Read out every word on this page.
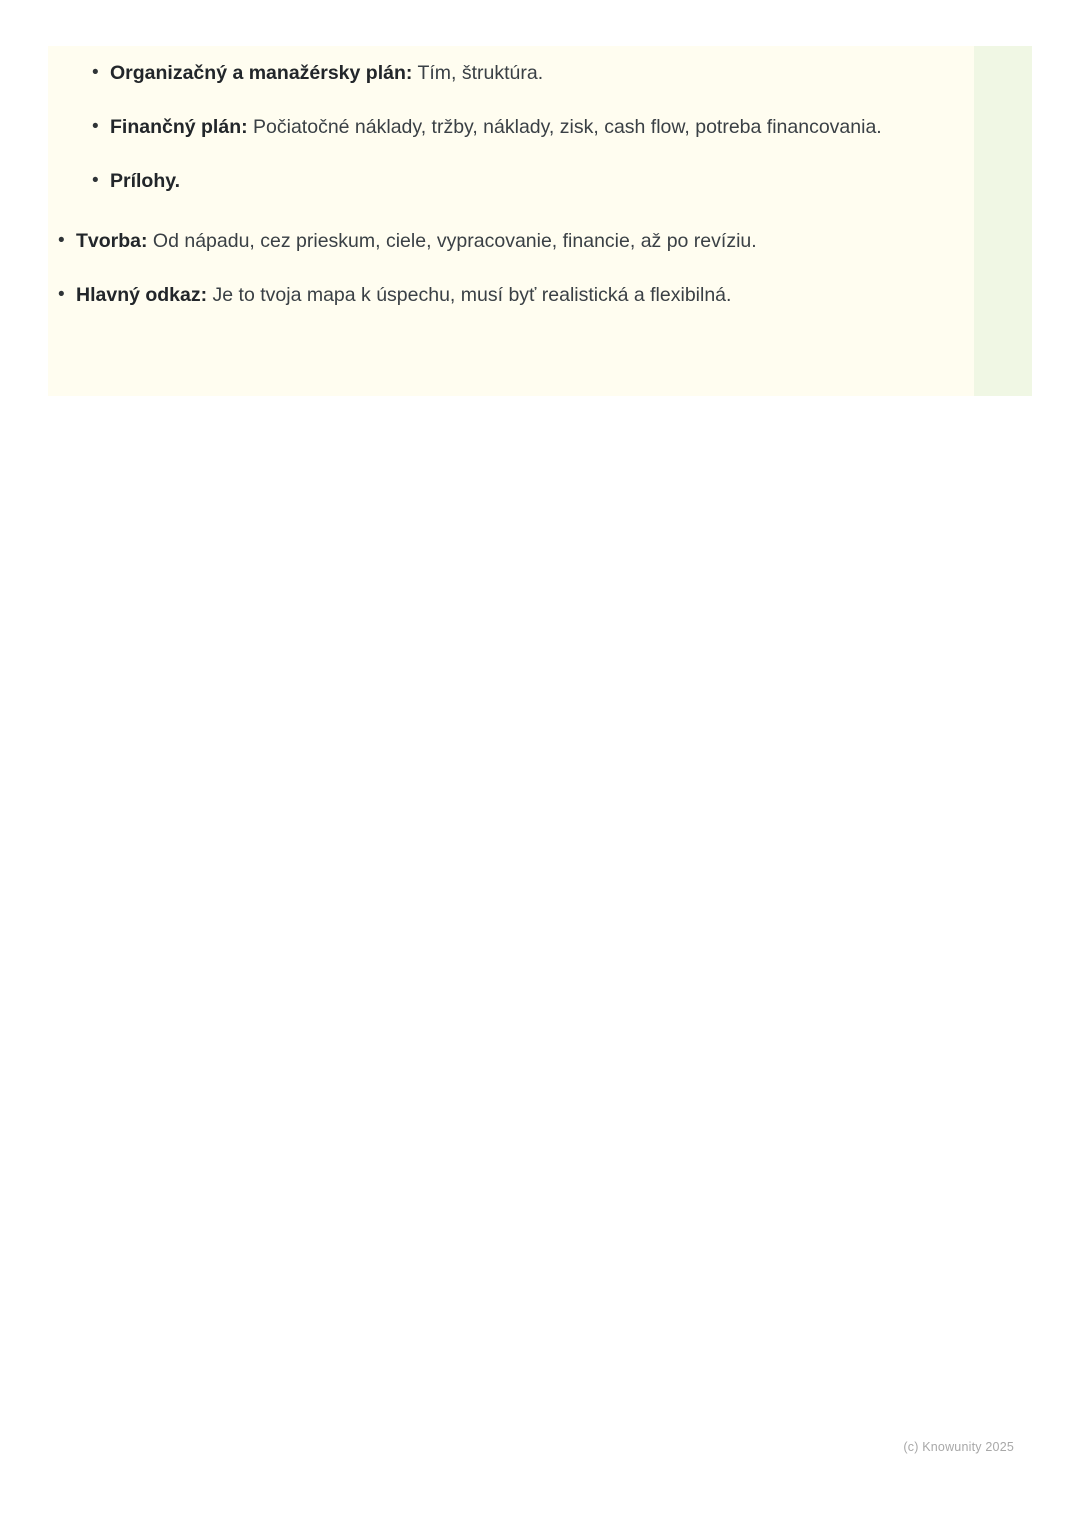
• Organizačný a manažérsky plán: Tím, štruktúra.
• Finančný plán: Počiatočné náklady, tržby, náklady, zisk, cash flow, potreba financovania.
• Prílohy.
• Tvorba: Od nápadu, cez prieskum, ciele, vypracovanie, financie, až po revíziu.
• Hlavný odkaz: Je to tvoja mapa k úspechu, musí byť realistická a flexibilná.
(c) Knowunity 2025
